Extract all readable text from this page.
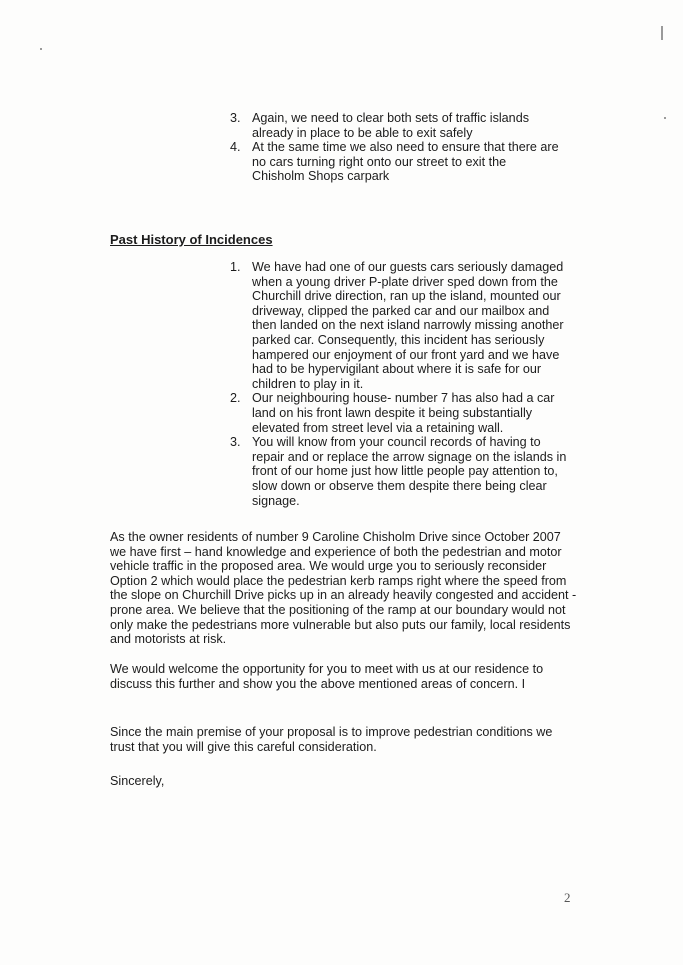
3. Again, we need to clear both sets of traffic islands already in place to be able to exit safely
4. At the same time we also need to ensure that there are no cars turning right onto our street to exit the Chisholm Shops carpark
Past History of Incidences
1. We have had one of our guests cars seriously damaged when a young driver P-plate driver sped down from the Churchill drive direction, ran up the island, mounted our driveway, clipped the parked car and our mailbox and then landed on the next island narrowly missing another parked car. Consequently, this incident has seriously hampered our enjoyment of our front yard and we have had to be hypervigilant about where it is safe for our children to play in it.
2. Our neighbouring house- number 7 has also had a car land on his front lawn despite it being substantially elevated from street level via a retaining wall.
3. You will know from your council records of having to repair and or replace the arrow signage on the islands in front of our home just how little people pay attention to, slow down or observe them despite there being clear signage.

As the owner residents of number 9 Caroline Chisholm Drive since October 2007 we have first – hand knowledge and experience of both the pedestrian and motor vehicle traffic in the proposed area. We would urge you to seriously reconsider Option 2 which would place the pedestrian kerb ramps right where the speed from the slope on Churchill Drive picks up in an already heavily congested and accident -prone area. We believe that the positioning of the ramp at our boundary would not only make the pedestrians more vulnerable but also puts our family, local residents and motorists at risk.

We would welcome the opportunity for you to meet with us at our residence to discuss this further and show you the above mentioned areas of concern. I

Since the main premise of your proposal is to improve pedestrian conditions we trust that you will give this careful consideration.

Sincerely,

2
